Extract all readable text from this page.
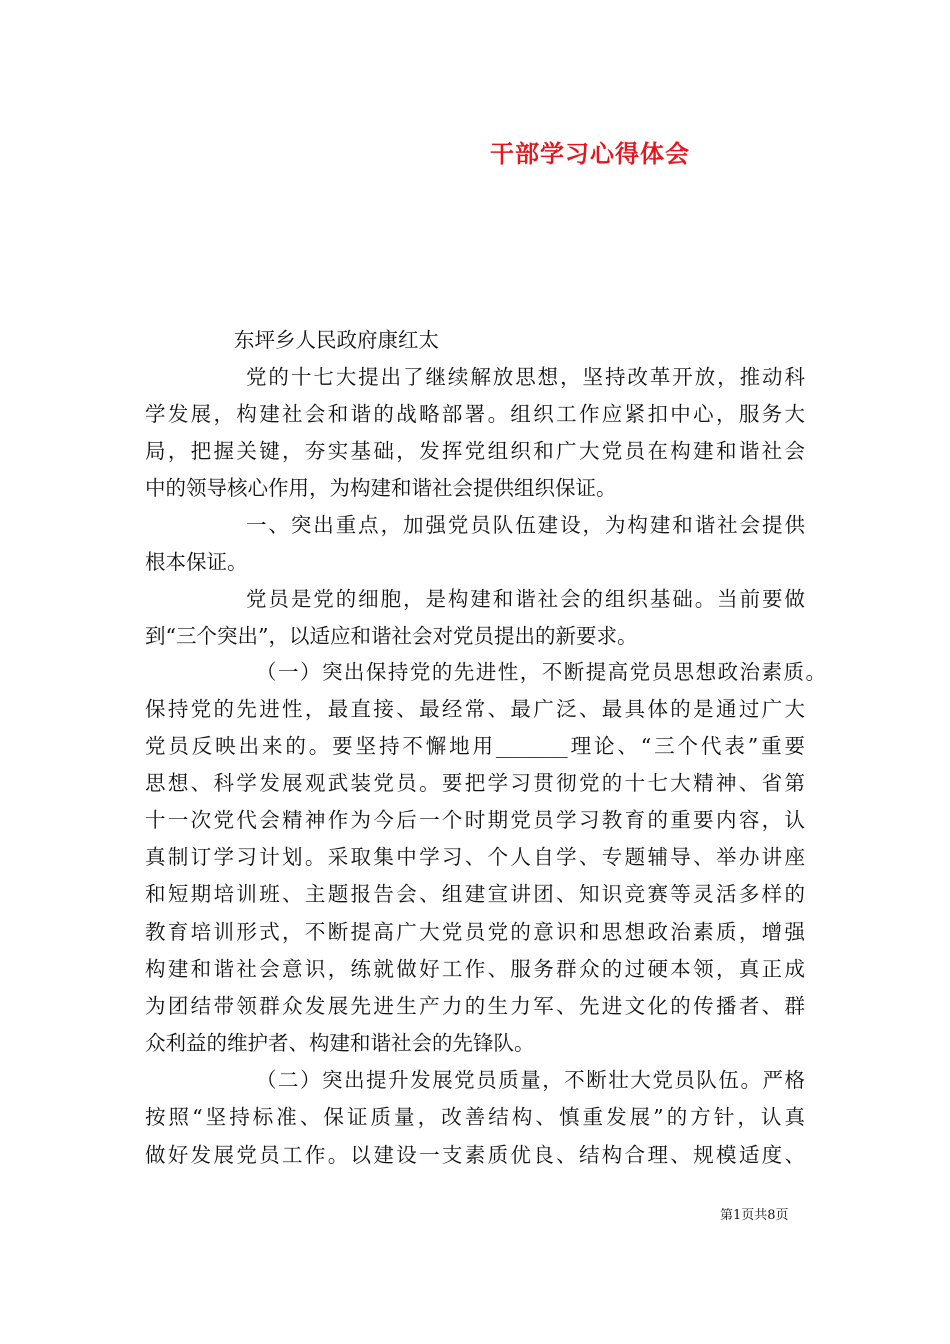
干部学习心得体会
东坪乡人民政府康红太
党的十七大提出了继续解放思想，坚持改革开放，推动科
学发展，构建社会和谐的战略部署。组织工作应紧扣中心，服务大
局，把握关键，夯实基础，发挥党组织和广大党员在构建和谐社会
中的领导核心作用，为构建和谐社会提供组织保证。
一、突出重点，加强党员队伍建设，为构建和谐社会提供
根本保证。
党员是党的细胞，是构建和谐社会的组织基础。当前要做
到“三个突出”，以适应和谐社会对党员提出的新要求。
（一）突出保持党的先进性，不断提高党员思想政治素质。
保持党的先进性，最直接、最经常、最广泛、最具体的是通过广大
党员反映出来的。要坚持不懈地用_______理论、“三个代表”重要
思想、科学发展观武装党员。要把学习贯彻党的十七大精神、省第
十一次党代会精神作为今后一个时期党员学习教育的重要内容，认
真制订学习计划。采取集中学习、个人自学、专题辅导、举办讲座
和短期培训班、主题报告会、组建宣讲团、知识竞赛等灵活多样的
教育培训形式，不断提高广大党员党的意识和思想政治素质，增强
构建和谐社会意识，练就做好工作、服务群众的过硬本领，真正成
为团结带领群众发展先进生产力的生力军、先进文化的传播者、群
众利益的维护者、构建和谐社会的先锋队。
（二）突出提升发展党员质量，不断壮大党员队伍。严格
按照“坚持标准、保证质量，改善结构、慎重发展”的方针，认真
做好发展党员工作。以建设一支素质优良、结构合理、规模适度、
第1页共8页
